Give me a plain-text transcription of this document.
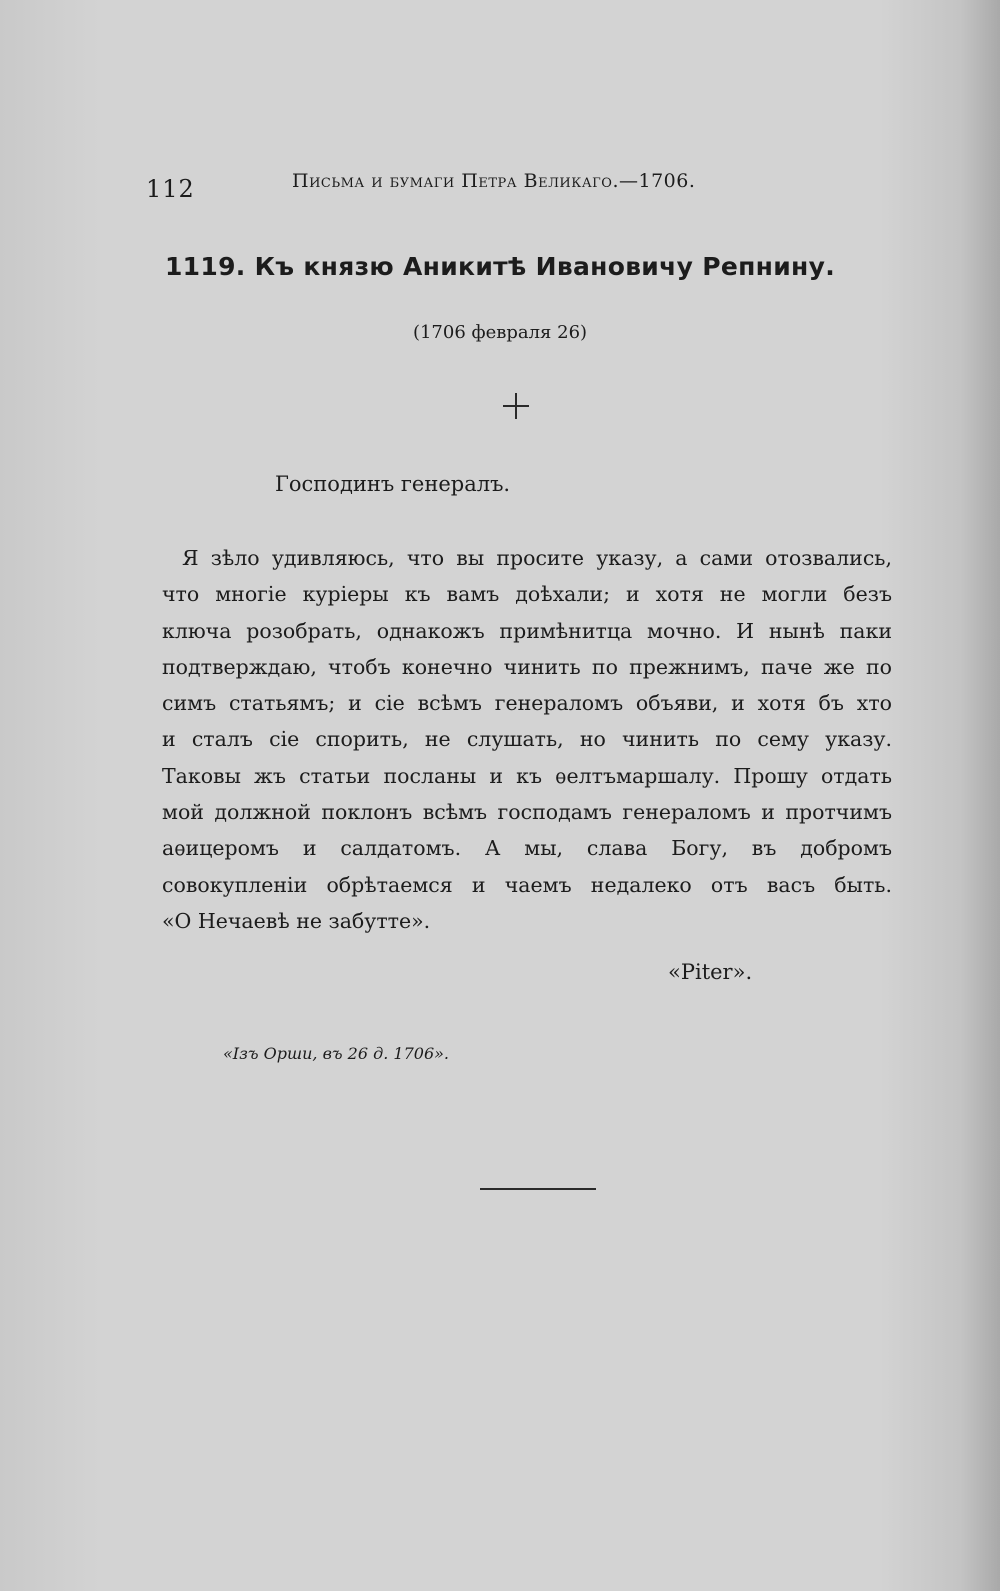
112	Письма и бумаги Петра Великаго.—1706.
1119. Къ князю Аникитѣ Ивановичу Репнину.
(1706 февраля 26)
Господинъ генералъ.
Я зѣло удивляюсь, что вы просите указу, а сами отозвались,
что многіе куріеры къ вамъ доѣхали; и хотя не могли безъ
ключа розобрать, однакожъ примѣнитца мочно. И нынѣ паки
подтверждаю, чтобъ конечно чинить по прежнимъ, паче же по
симъ статьямъ; и сіе всѣмъ генераломъ объяви, и хотя бъ хто
и сталъ сіе спорить, не слушать, но чинить по сему указу.
Таковы жъ статьи посланы и къ ѳелтъмаршалу. Прошу отдать
мой должной поклонъ всѣмъ господамъ генераломъ и протчимъ
аѳицеромъ и салдатомъ. А мы, слава Богу, въ добромъ
совокупленіи обрѣтаемся и чаемъ недалеко отъ васъ быть.
«О Нечаевѣ не забутте».
«Piter».
«Iзъ Орши, въ 26 д. 1706».
